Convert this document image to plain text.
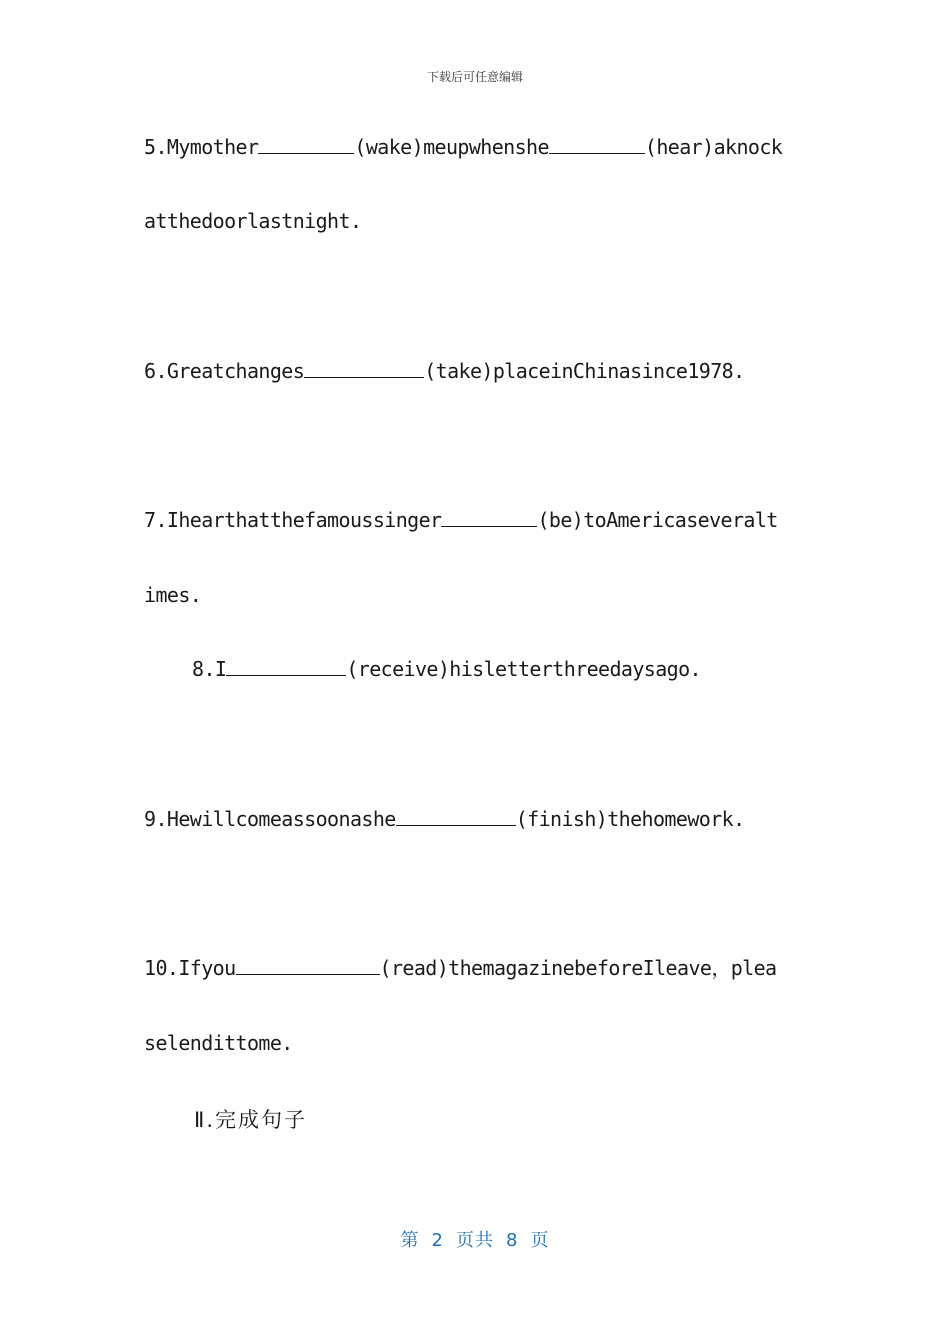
下载后可任意编辑
5.Mymother	(wake)meupwhenshe	(hear)aknock
atthedoorlastnight.
6.Greatchanges	(take)placeinChinasince1978.
7.Ihearthatthefamoussinger	(be)toAmericaseveralt
imes.
8.I	(receive)hisletterthreedaysago.
9.Hewillcomeassoonashe	(finish)thehomework.
10.Ifyou	(read)themagazinebeforeIleave，plea
selendittome.
Ⅱ.完成句子
第 2 页共 8 页
